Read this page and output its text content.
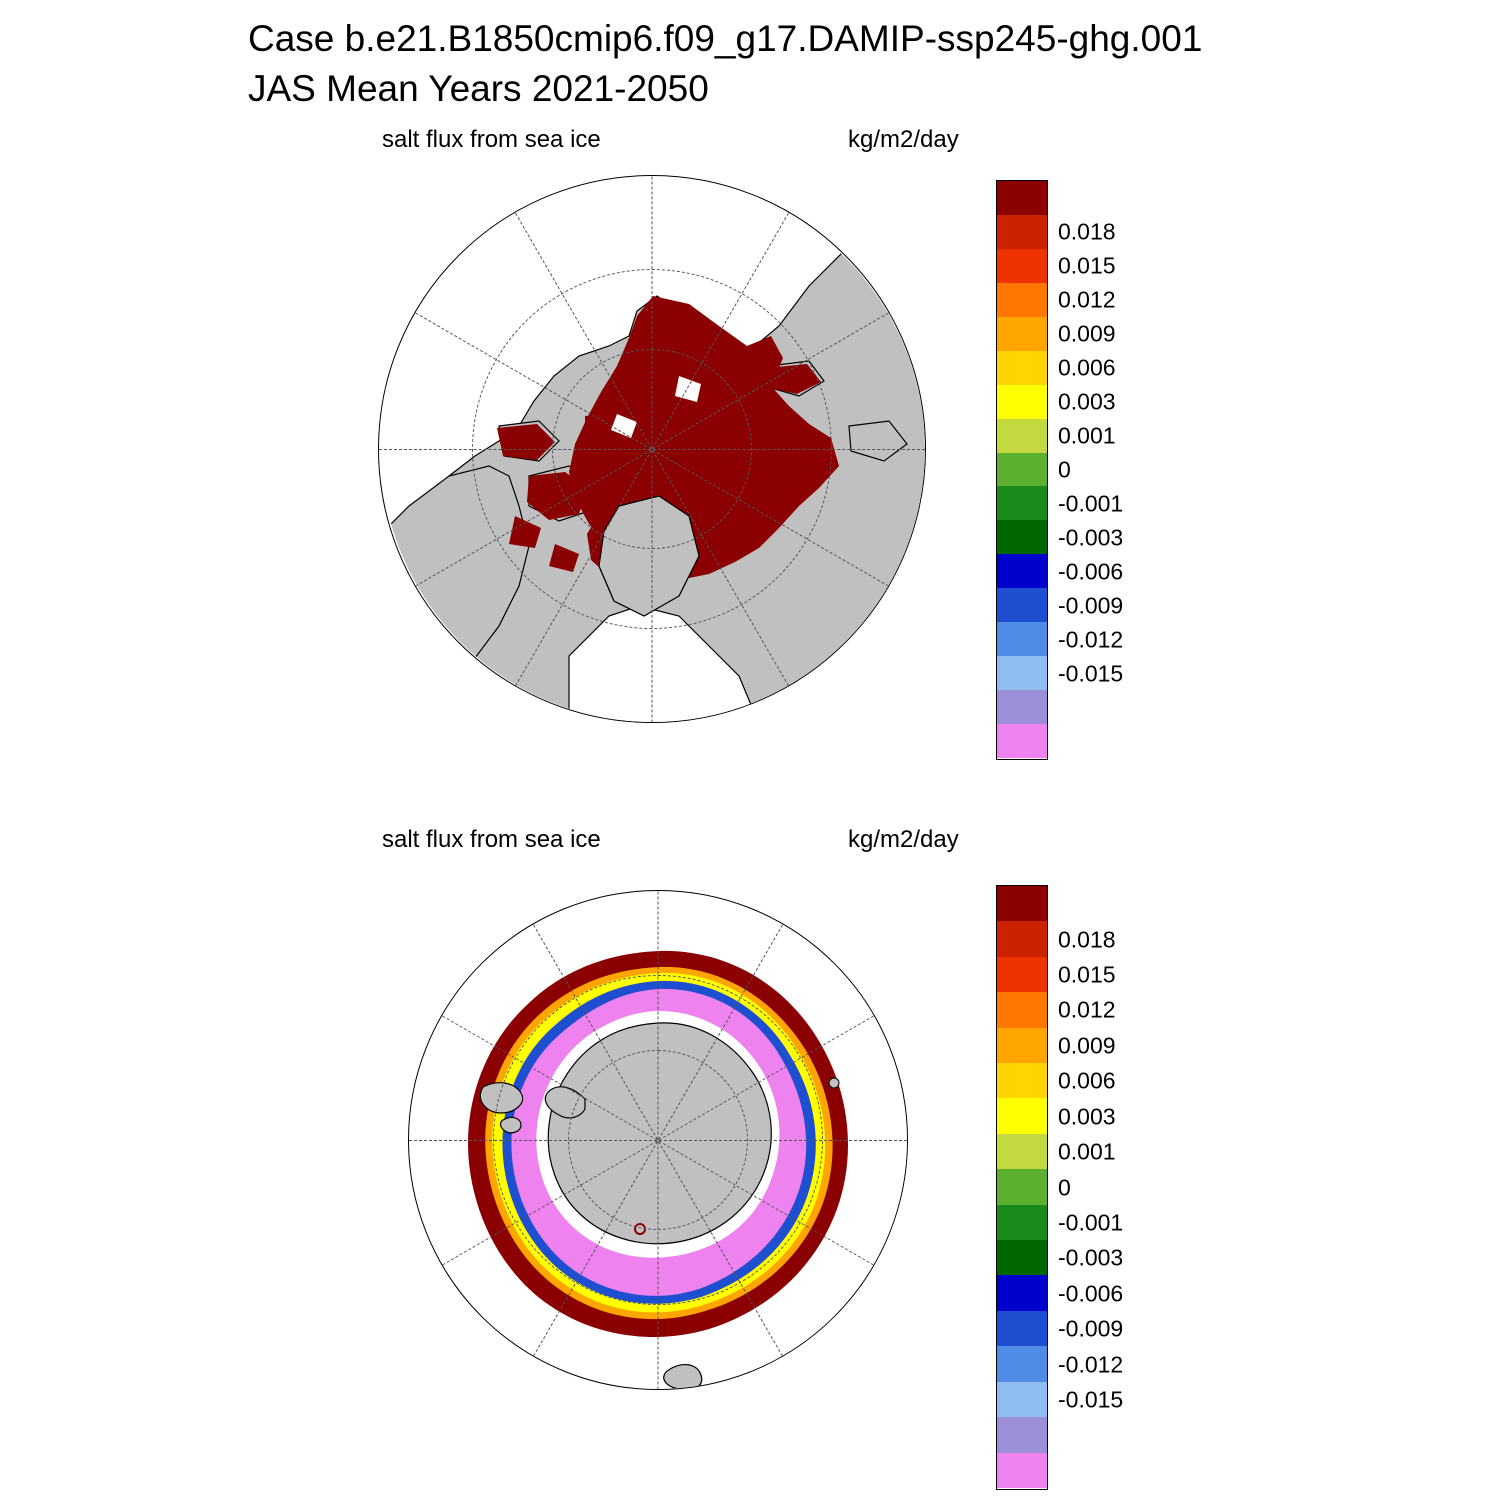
Case b.e21.B1850cmip6.f09_g17.DAMIP-ssp245-ghg.001
JAS Mean Years 2021-2050
salt flux from sea ice	kg/m2/day
0.018
0.015
0.012
0.009
0.006
0.003
0.001
0
-0.001
-0.003
-0.006
-0.009
-0.012
-0.015
salt flux from sea ice	kg/m2/day
0.018
0.015
0.012
0.009
0.006
0.003
0.001
0
-0.001
-0.003
-0.006
-0.009
-0.012
-0.015
